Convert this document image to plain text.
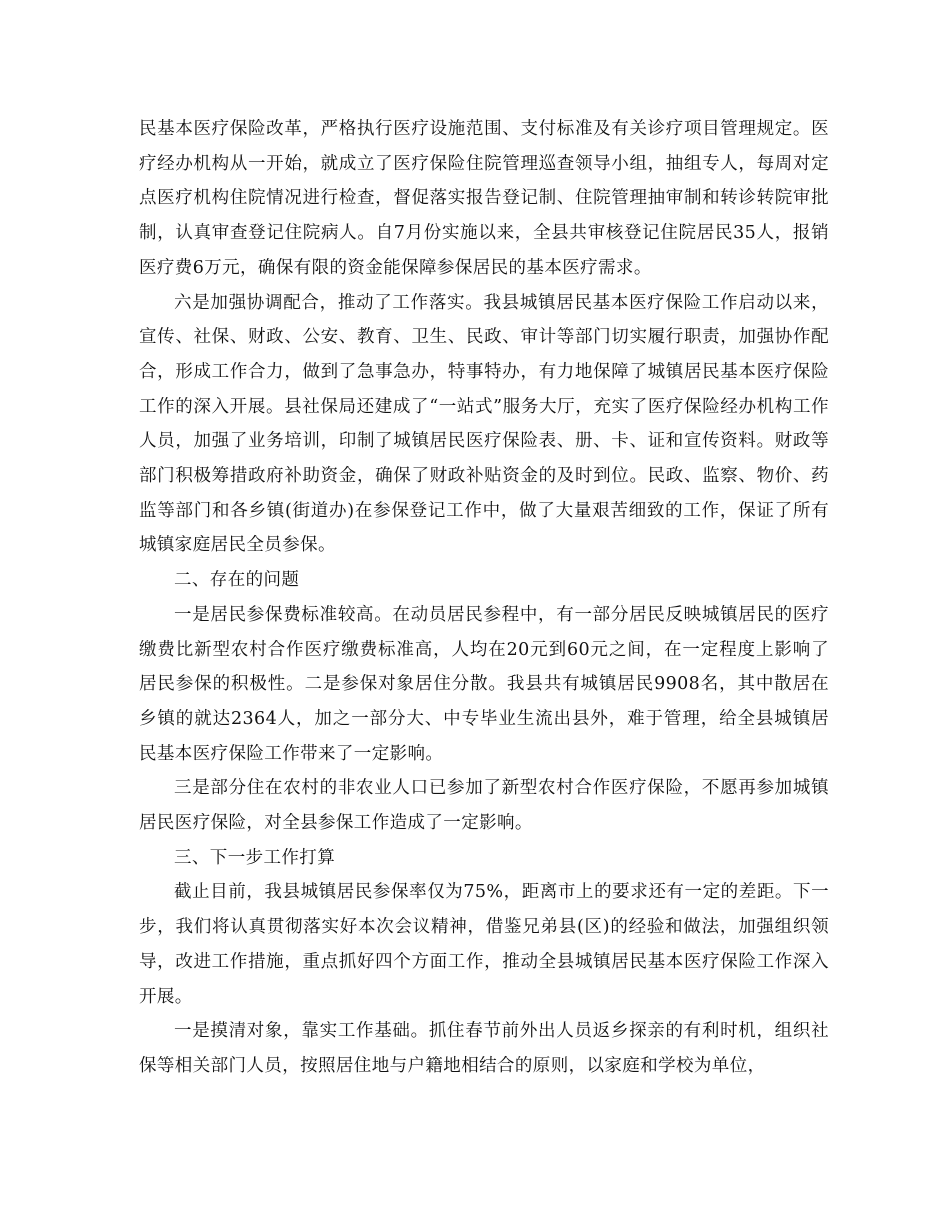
民基本医疗保险改革，严格执行医疗设施范围、支付标准及有关诊疗项目管理规定。医疗经办机构从一开始，就成立了医疗保险住院管理巡查领导小组，抽组专人，每周对定点医疗机构住院情况进行检查，督促落实报告登记制、住院管理抽审制和转诊转院审批制，认真审查登记住院病人。自7月份实施以来，全县共审核登记住院居民35人，报销医疗费6万元，确保有限的资金能保障参保居民的基本医疗需求。

六是加强协调配合，推动了工作落实。我县城镇居民基本医疗保险工作启动以来，宣传、社保、财政、公安、教育、卫生、民政、审计等部门切实履行职责，加强协作配合，形成工作合力，做到了急事急办，特事特办，有力地保障了城镇居民基本医疗保险工作的深入开展。县社保局还建成了“一站式”服务大厅，充实了医疗保险经办机构工作人员，加强了业务培训，印制了城镇居民医疗保险表、册、卡、证和宣传资料。财政等部门积极筹措政府补助资金，确保了财政补贴资金的及时到位。民政、监察、物价、药监等部门和各乡镇(街道办)在参保登记工作中，做了大量艰苦细致的工作，保证了所有城镇家庭居民全员参保。

二、存在的问题

一是居民参保费标准较高。在动员居民参程中，有一部分居民反映城镇居民的医疗缴费比新型农村合作医疗缴费标准高，人均在20元到60元之间，在一定程度上影响了居民参保的积极性。二是参保对象居住分散。我县共有城镇居民9908名，其中散居在乡镇的就达2364人，加之一部分大、中专毕业生流出县外，难于管理，给全县城镇居民基本医疗保险工作带来了一定影响。

三是部分住在农村的非农业人口已参加了新型农村合作医疗保险，不愿再参加城镇居民医疗保险，对全县参保工作造成了一定影响。

三、下一步工作打算

截止目前，我县城镇居民参保率仅为75%，距离市上的要求还有一定的差距。下一步，我们将认真贯彻落实好本次会议精神，借鉴兄弟县(区)的经验和做法，加强组织领导，改进工作措施，重点抓好四个方面工作，推动全县城镇居民基本医疗保险工作深入开展。

一是摸清对象，靠实工作基础。抓住春节前外出人员返乡探亲的有利时机，组织社保等相关部门人员，按照居住地与户籍地相结合的原则，以家庭和学校为单位，
